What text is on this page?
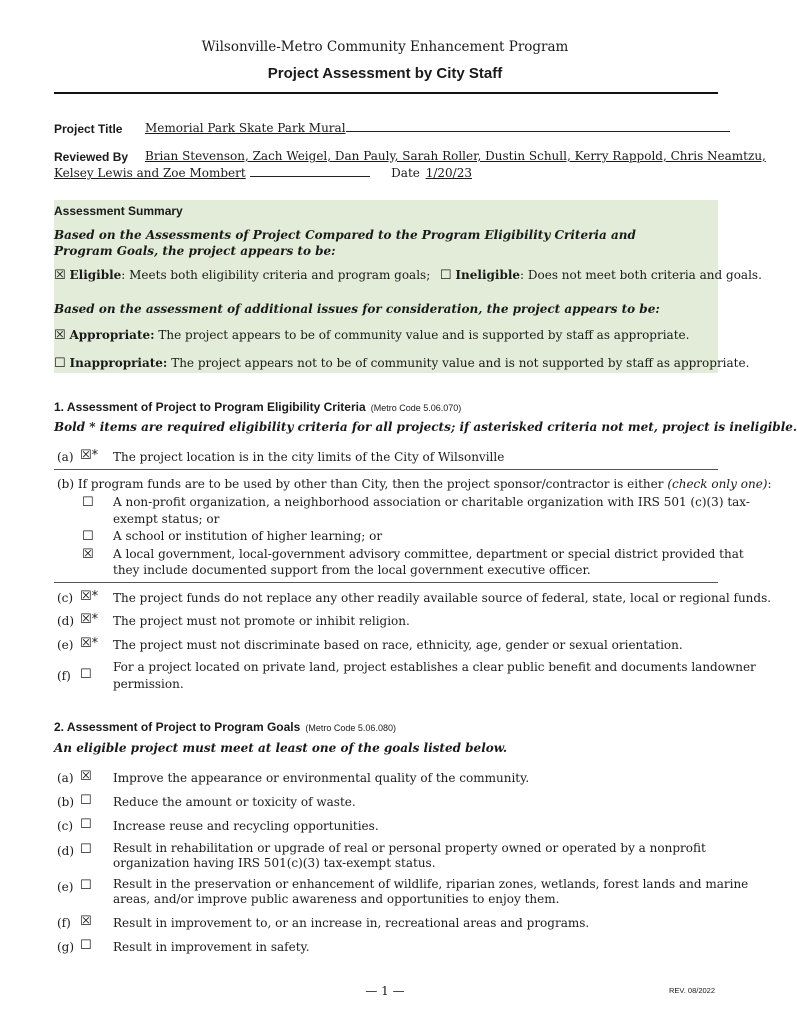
Wilsonville-Metro Community Enhancement Program
Project Assessment by City Staff
Project Title Memorial Park Skate Park Mural
Reviewed By Brian Stevenson, Zach Weigel, Dan Pauly, Sarah Roller, Dustin Schull, Kerry Rappold, Chris Neamtzu,
Kelsey Lewis and Zoe Mombert	Date 1/20/23
Assessment Summary
Based on the Assessments of Project Compared to the Program Eligibility Criteria and Program Goals, the project appears to be:
☒ Eligible: Meets both eligibility criteria and program goals; ☐ Ineligible: Does not meet both criteria and goals.
Based on the assessment of additional issues for consideration, the project appears to be:
☒ Appropriate: The project appears to be of community value and is supported by staff as appropriate.
☐ Inappropriate: The project appears not to be of community value and is not supported by staff as appropriate.
1. Assessment of Project to Program Eligibility Criteria (Metro Code 5.06.070)
Bold * items are required eligibility criteria for all projects; if asterisked criteria not met, project is ineligible.
(a) ☒* The project location is in the city limits of the City of Wilsonville
(b) If program funds are to be used by other than City, then the project sponsor/contractor is either (check only one):
☐ A non-profit organization, a neighborhood association or charitable organization with IRS 501 (c)(3) tax-
exempt status; or
☐ A school or institution of higher learning; or
☒ A local government, local-government advisory committee, department or special district provided that
they include documented support from the local government executive officer.
(c) ☒* The project funds do not replace any other readily available source of federal, state, local or regional funds.
(d) ☒* The project must not promote or inhibit religion.
(e) ☒* The project must not discriminate based on race, ethnicity, age, gender or sexual orientation.
(f) ☐ For a project located on private land, project establishes a clear public benefit and documents landowner
permission.
2. Assessment of Project to Program Goals (Metro Code 5.06.080)
An eligible project must meet at least one of the goals listed below.
(a) ☒ Improve the appearance or environmental quality of the community.
(b) ☐ Reduce the amount or toxicity of waste.
(c) ☐ Increase reuse and recycling opportunities.
(d) ☐ Result in rehabilitation or upgrade of real or personal property owned or operated by a nonprofit
organization having IRS 501(c)(3) tax-exempt status.
(e) ☐ Result in the preservation or enhancement of wildlife, riparian zones, wetlands, forest lands and marine
areas, and/or improve public awareness and opportunities to enjoy them.
(f) ☒ Result in improvement to, or an increase in, recreational areas and programs.
(g) ☐ Result in improvement in safety.
— 1 —	REV. 08/2022
